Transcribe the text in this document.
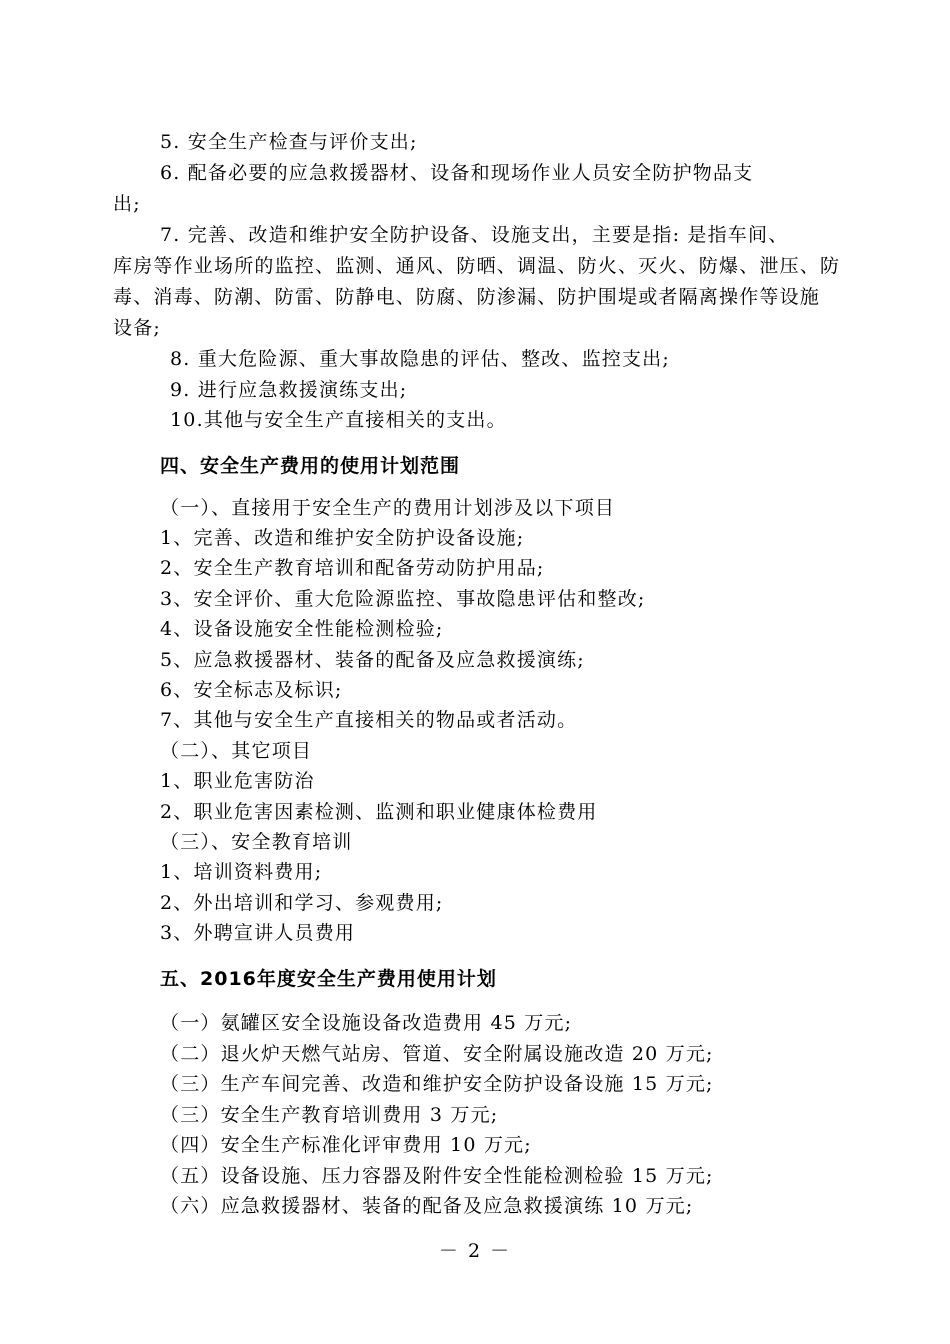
5. 安全生产检查与评价支出;
6. 配备必要的应急救援器材、设备和现场作业人员安全防护物品支
出;
7. 完善、改造和维护安全防护设备、设施支出，主要是指: 是指车间、
库房等作业场所的监控、监测、通风、防晒、调温、防火、灭火、防爆、泄压、防
毒、消毒、防潮、防雷、防静电、防腐、防渗漏、防护围堤或者隔离操作等设施
设备;
8. 重大危险源、重大事故隐患的评估、整改、监控支出;
9. 进行应急救援演练支出;
10.其他与安全生产直接相关的支出。
四、安全生产费用的使用计划范围
（一）、直接用于安全生产的费用计划涉及以下项目
1、完善、改造和维护安全防护设备设施;
2、安全生产教育培训和配备劳动防护用品;
3、安全评价、重大危险源监控、事故隐患评估和整改;
4、设备设施安全性能检测检验;
5、应急救援器材、装备的配备及应急救援演练;
6、安全标志及标识;
7、其他与安全生产直接相关的物品或者活动。
（二）、其它项目
1、职业危害防治
2、职业危害因素检测、监测和职业健康体检费用
（三）、安全教育培训
1、培训资料费用;
2、外出培训和学习、参观费用;
3、外聘宣讲人员费用
五、2016年度安全生产费用使用计划
（一）氨罐区安全设施设备改造费用 45 万元;
（二）退火炉天燃气站房、管道、安全附属设施改造 20 万元;
（三）生产车间完善、改造和维护安全防护设备设施 15 万元;
（三）安全生产教育培训费用 3 万元;
（四）安全生产标准化评审费用 10 万元;
（五）设备设施、压力容器及附件安全性能检测检验 15 万元;
（六）应急救援器材、装备的配备及应急救援演练 10 万元;
－ 2 －
